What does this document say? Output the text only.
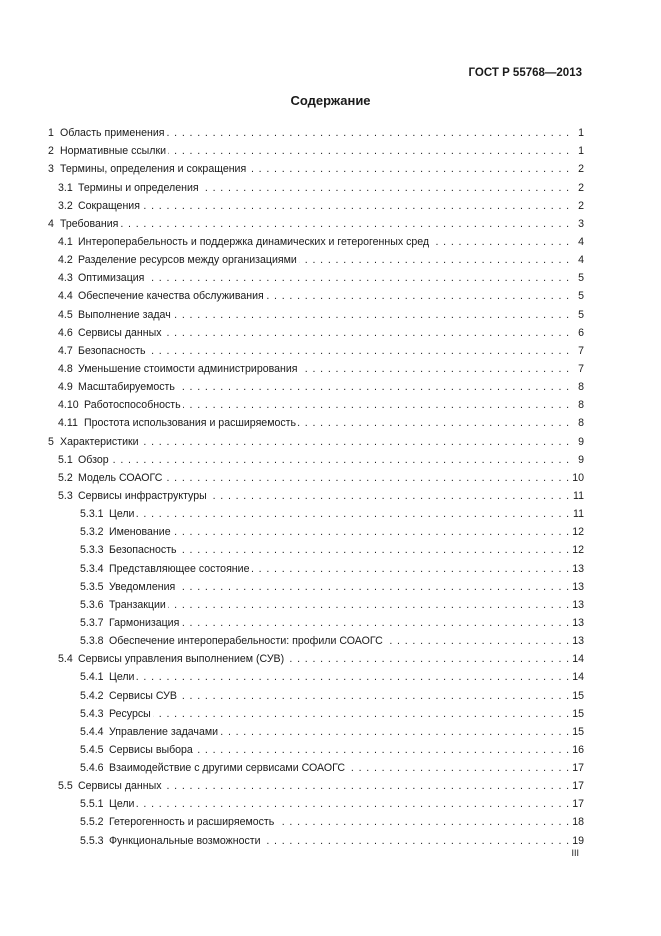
ГОСТ Р 55768—2013

Содержание
1 Область применения . . .	1
2 Нормативные ссылки . . .	1
3 Термины, определения и сокращения . . .	2
3.1 Термины и определения . . .	2
3.2 Сокращения . . .	2
4 Требования . . .	3
4.1 Интероперабельность и поддержка динамических и гетерогенных сред . . .	4
4.2 Разделение ресурсов между организациями . . .	4
4.3 Оптимизация . . .	5
4.4 Обеспечение качества обслуживания . . .	5
4.5 Выполнение задач . . .	5
4.6 Сервисы данных . . .	6
4.7 Безопасность . . .	7
4.8 Уменьшение стоимости администрирования . . .	7
4.9 Масштабируемость . . .	8
4.10 Работоспособность . . .	8
4.11 Простота использования и расширяемость . . .	8
5 Характеристики . . .	9
5.1 Обзор . . .	9
5.2 Модель СОАОГС . . .	10
5.3 Сервисы инфраструктуры . . .	11
5.3.1 Цели . . .	11
5.3.2 Именование . . .	12
5.3.3 Безопасность . . .	12
5.3.4 Представляющее состояние . . .	13
5.3.5 Уведомления . . .	13
5.3.6 Транзакции . . .	13
5.3.7 Гармонизация . . .	13
5.3.8 Обеспечение интероперабельности: профили СОАОГС . . .	13
5.4 Сервисы управления выполнением (СУВ) . . .	14
5.4.1 Цели . . .	14
5.4.2 Сервисы СУВ . . .	15
5.4.3 Ресурсы . . .	15
5.4.4 Управление задачами . . .	15
5.4.5 Сервисы выбора . . .	16
5.4.6 Взаимодействие с другими сервисами СОАОГС . . .	17
5.5 Сервисы данных . . .	17
5.5.1 Цели . . .	17
5.5.2 Гетерогенность и расширяемость . . .	18
5.5.3 Функциональные возможности . . .	19

III
